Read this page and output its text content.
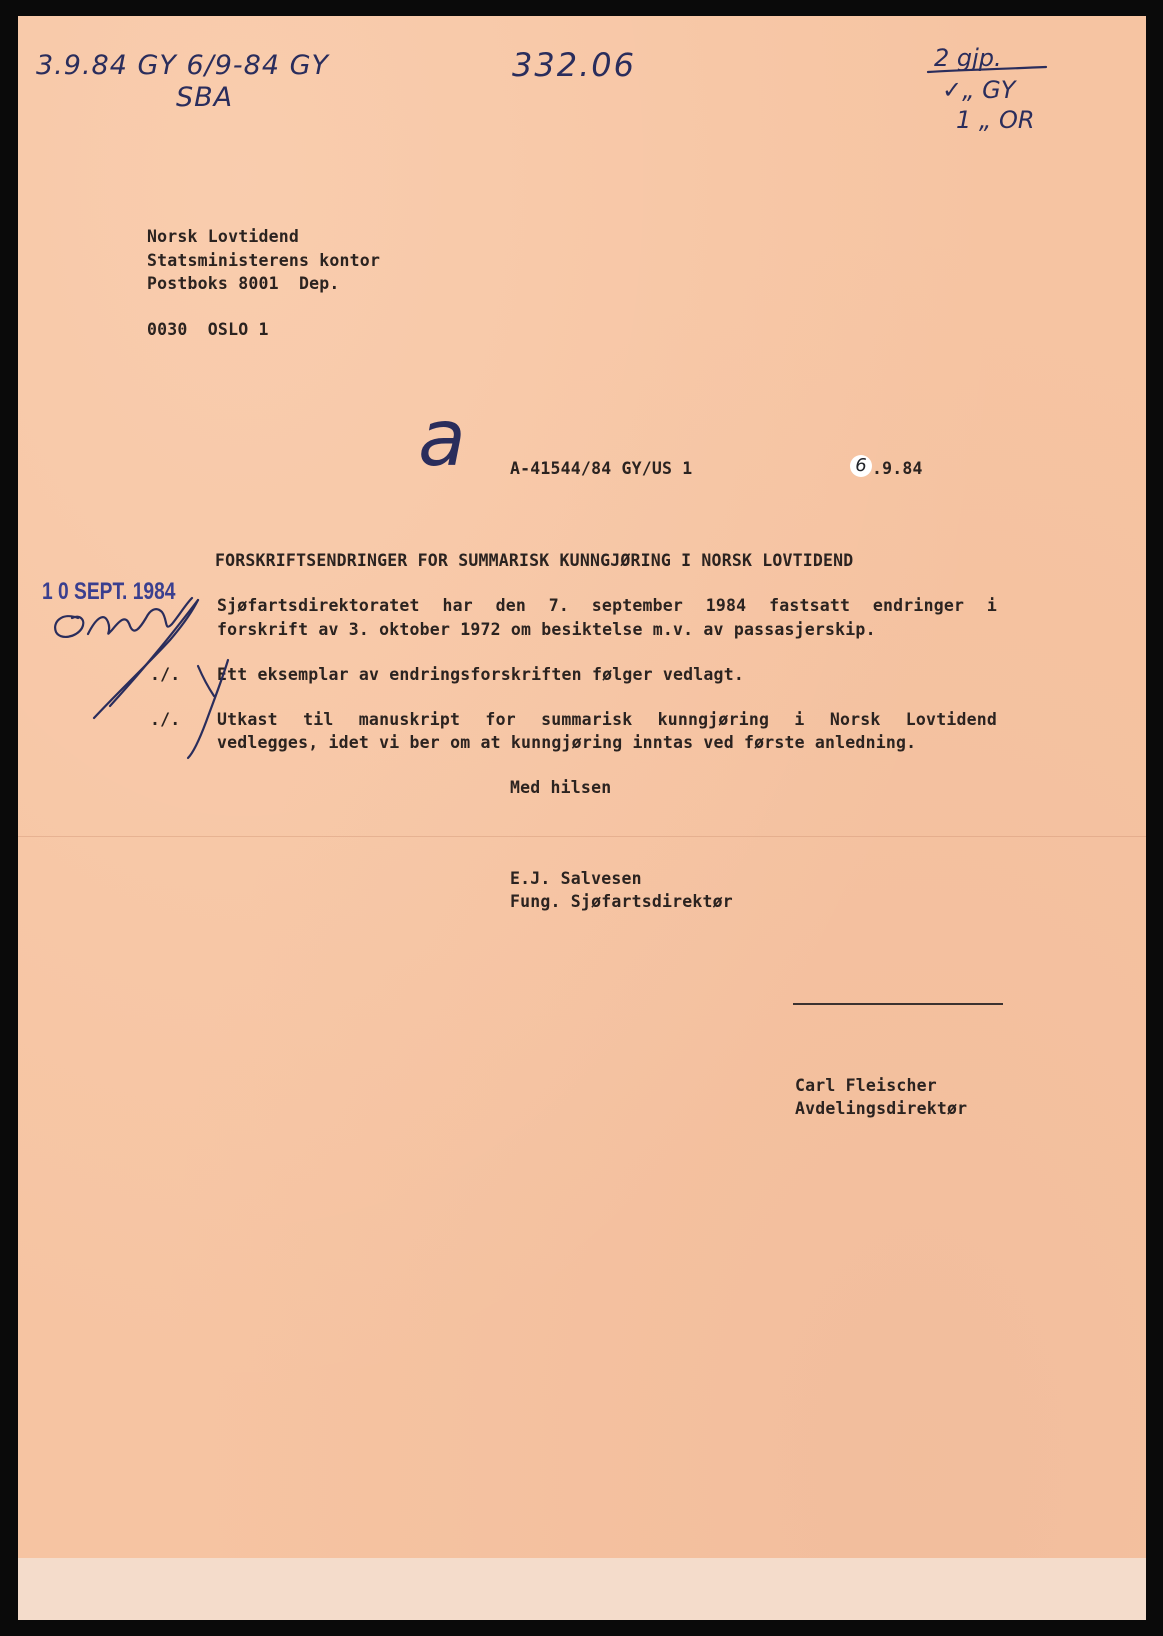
3.9.84 GY 6/9-84 GY
SBA
332.06	2 gjp.
✓„ GY
1 „ OR
Norsk Lovtidend
Statsministerens kontor
Postboks 8001  Dep.
0030  OSLO 1
a	A-41544/84 GY/US 1	6 .9.84
1 0 SEPT. 1984
FORSKRIFTSENDRINGER FOR SUMMARISK KUNNGJØRING I NORSK LOVTIDEND
Sjøfartsdirektoratet har den 7. september 1984 fastsatt endringer i
forskrift av 3. oktober 1972 om besiktelse m.v. av passasjerskip.
./. Ett eksemplar av endringsforskriften følger vedlagt.
./. Utkast til manuskript for summarisk kunngjøring i Norsk Lovtidend
vedlegges, idet vi ber om at kunngjøring inntas ved første anledning.
Med hilsen
E.J. Salvesen
Fung. Sjøfartsdirektør
Carl Fleischer
Avdelingsdirektør
